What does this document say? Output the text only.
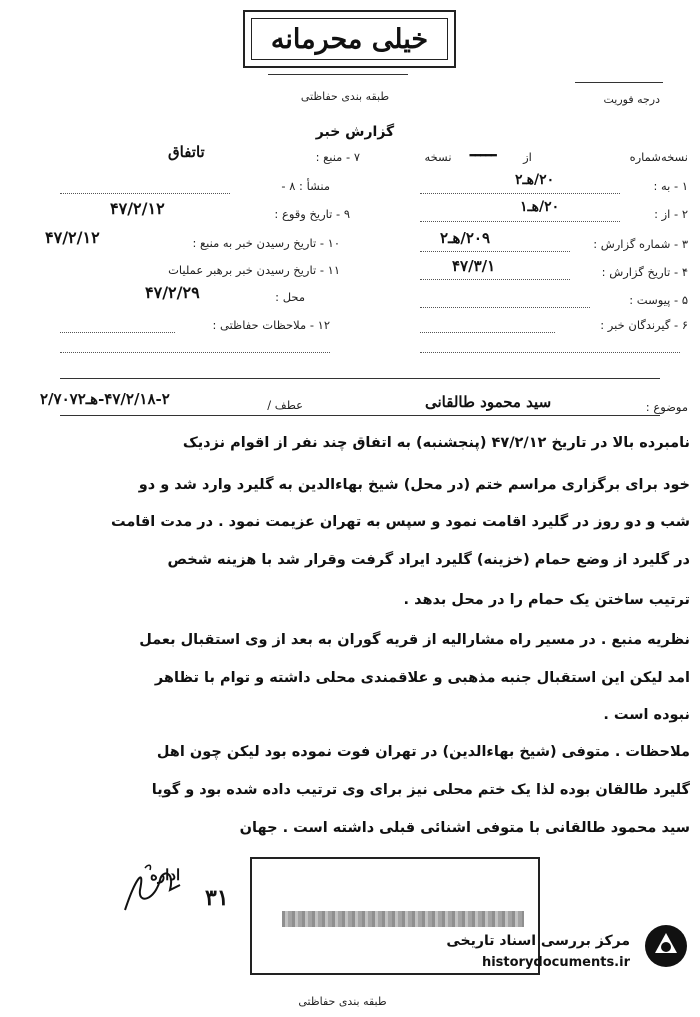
خیلی محرمانه
طبقه بندی حفاظتی	درجه فوریت
گزارش خبر
نسخه‌شماره
ـــــ	از
نسخه
۱ - به :
۲۰/هـ۲
۲ - از :
۲۰/هـ۱
۳ - شماره گزارش :
۲۰۹/هـ۲
۴ - تاریخ گزارش :
۴۷/۳/۱
۵ - پیوست :
۶ - گیرندگان خبر :
۷ - منبع :
تاتفاق
منشأ : ۸ -
۹ - تاریخ وقوع :
۴۷/۲/۱۲
۱۰ - تاریخ رسیدن خبر به منبع :
۴۷/۲/۱۲
۱۱ - تاریخ رسیدن خبر برهبر عملیات
محل :
۴۷/۲/۲۹
۱۲ - ملاحظات حفاظتی :
موضوع :
سید محمود طالقانی
عطف /
۴۷/۲/۱۸-۲-هـ۲/۷۰۷۲
نامبرده بالا در تاریخ ۴۷/۲/۱۲ (پنجشنبه) به اتفاق چند نفر از اقوام نزدیک
خود برای برگزاری مراسم ختم (در محل) شیخ بهاءالدین به گلیرد وارد شد و دو
شب و دو روز در گلیرد اقامت نمود و سپس به تهران عزیمت نمود . در مدت اقامت
در گلیرد از وضع حمام (خزینه) گلیرد ایراد گرفت وقرار شد با هزینه شخص
ترتیب ساختن یک حمام را در محل بدهد .
نظریه منبع . در مسیر راه مشارالیه از قریه گوران به بعد از وی استقبال بعمل
امد لیکن این استقبال جنبه مذهبی و علاقمندی محلی داشته و توام با تظاهر
نبوده است .
ملاحظات . متوفی (شیخ بهاءالدین) در تهران فوت نموده بود لیکن چون اهل
گلیرد طالقان بوده لذا یک ختم محلی نیز برای وی ترتیب داده شده بود و گویا
سید محمود طالقانی با متوفی اشنائی قبلی داشته است . جهان
اداره
۳۱
مرکز بررسی اسناد تاریخی
historydocuments.ir
طبقه بندی حفاظتی
